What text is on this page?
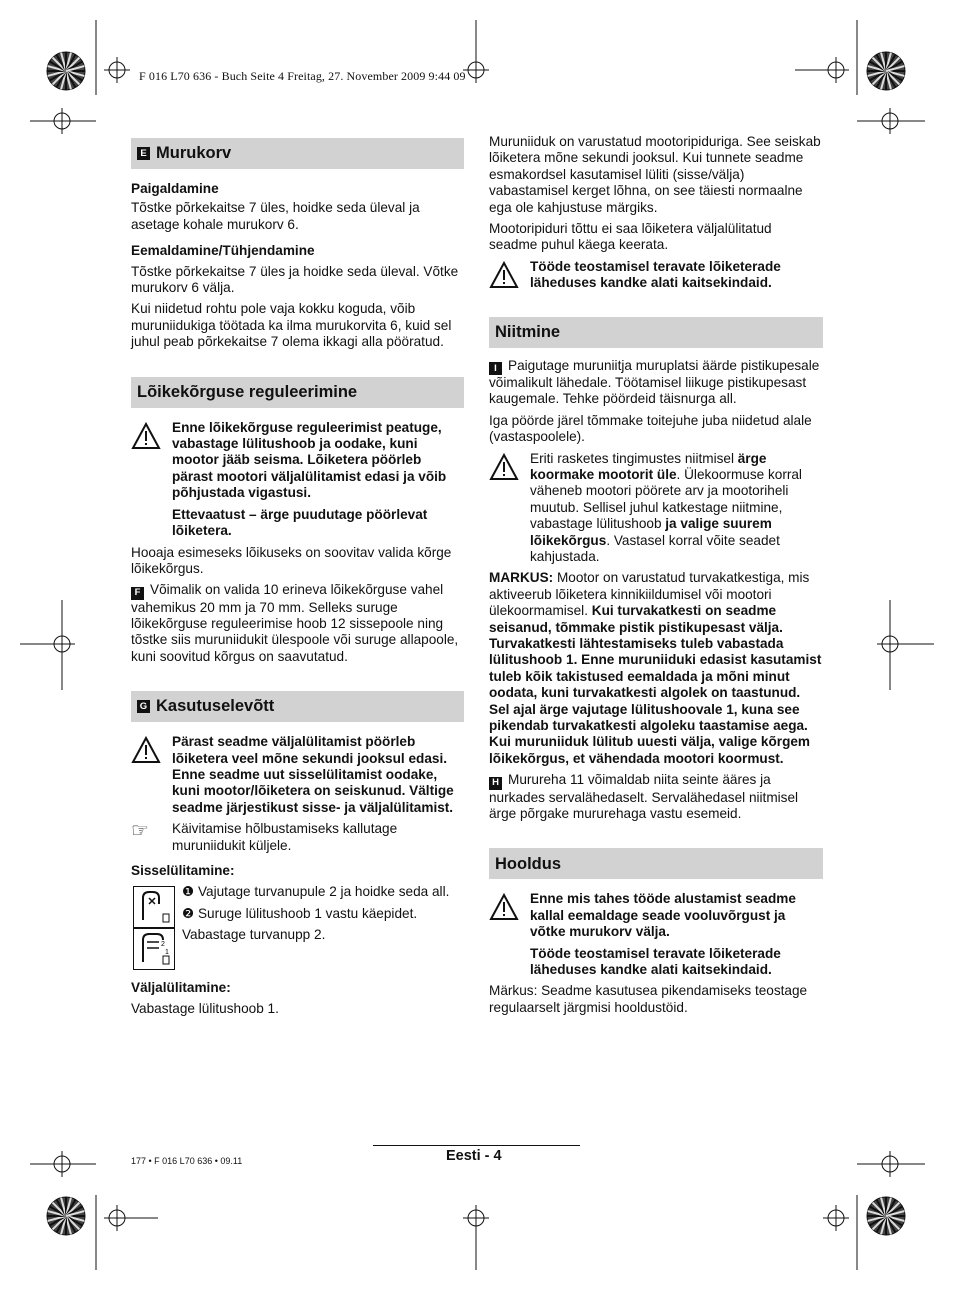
F 016 L70 636 - Buch Seite 4 Freitag, 27. November 2009 9:44 09
E Murukorv

Paigaldamine

Tõstke põrkekaitse 7 üles, hoidke seda üleval ja asetage kohale murukorv 6.

Eemaldamine/Tühjendamine

Tõstke põrkekaitse 7 üles ja hoidke seda üleval. Võtke murukorv 6 välja.

Kui niidetud rohtu pole vaja kokku koguda, võib muruniidukiga töötada ka ilma murukorvita 6, kuid sel juhul peab põrkekaitse 7 olema ikkagi alla pööratud.

Lõikekõrguse reguleerimine

Enne lõikekõrguse reguleerimist peatuge, vabastage lülitushoob ja oodake, kuni mootor jääb seisma. Lõiketera pöörleb pärast mootori väljalülitamist edasi ja võib põhjustada vigastusi.

Ettevaatust – ärge puudutage pöörlevat lõiketera.

Hooaja esimeseks lõikuseks on soovitav valida kõrge lõikekõrgus.

F Võimalik on valida 10 erineva lõikekõrguse vahel vahemikus 20 mm ja 70 mm. Selleks suruge lõikekõrguse reguleerimise hoob 12 sissepoole ning tõstke siis muruniidukit ülespoole või suruge allapoole, kuni soovitud kõrgus on saavutatud.

G Kasutuselevõtt

Pärast seadme väljalülitamist pöörleb lõiketera veel mõne sekundi jooksul edasi. Enne seadme uut sisselülitamist oodake, kuni mootor/lõiketera on seiskunud. Vältige seadme järjestikust sisse- ja väljalülitamist.

☞ Käivitamise hõlbustamiseks kallutage muruniidukit küljele.

Sisselülitamine:

2
1

❶ Vajutage turvanupule 2 ja hoidke seda all.

❷ Suruge lülitushoob 1 vastu käepidet.

Vabastage turvanupp 2.

Väljalülitamine:

Vabastage lülitushoob 1.

Muruniiduk on varustatud mootoripiduriga. See seiskab lõiketera mõne sekundi jooksul. Kui tunnete seadme esmakordsel kasutamisel lüliti (sisse/välja) vabastamisel kerget lõhna, on see täiesti normaalne ega ole kahjustuse märgiks.

Mootoripiduri tõttu ei saa lõiketera väljalülitatud seadme puhul käega keerata.

Tööde teostamisel teravate lõiketerade läheduses kandke alati kaitsekindaid.

Niitmine

I Paigutage muruniitja muruplatsi äärde pistikupesale võimalikult lähedale. Töötamisel liikuge pistikupesast kaugemale. Tehke pöördeid täisnurga all.

Iga pöörde järel tõmmake toitejuhe juba niidetud alale (vastaspoolele).

Eriti rasketes tingimustes niitmisel ärge koormake mootorit üle. Ülekoormuse korral väheneb mootori pöörete arv ja mootoriheli muutub. Sellisel juhul katkestage niitmine, vabastage lülitushoob ja valige suurem lõikekõrgus. Vastasel korral võite seadet kahjustada.

MARKUS: Mootor on varustatud turvakatkestiga, mis aktiveerub lõiketera kinnikiildumisel või mootori ülekoormamisel. Kui turvakatkesti on seadme seisanud, tõmmake pistik pistikupesast välja. Turvakatkesti lähtestamiseks tuleb vabastada lülitushoob 1. Enne muruniiduki edasist kasutamist tuleb kõik takistused eemaldada ja mõni minut oodata, kuni turvakatkesti algolek on taastunud. Sel ajal ärge vajutage lülitushoovale 1, kuna see pikendab turvakatkesti algoleku taastamise aega. Kui muruniiduk lülitub uuesti välja, valige kõrgem lõikekõrgus, et vähendada mootori koormust.

H Murureha 11 võimaldab niita seinte ääres ja nurkades servalähedaselt. Servalähedasel niitmisel ärge põrgake mururehaga vastu esemeid.

Hooldus

Enne mis tahes tööde alustamist seadme kallal eemaldage seade vooluvõrgust ja võtke murukorv välja.

Tööde teostamisel teravate lõiketerade läheduses kandke alati kaitsekindaid.

Märkus: Seadme kasutusea pikendamiseks teostage regulaarselt järgmisi hooldustöid.

177 • F 016 L70 636 • 09.11	Eesti - 4
